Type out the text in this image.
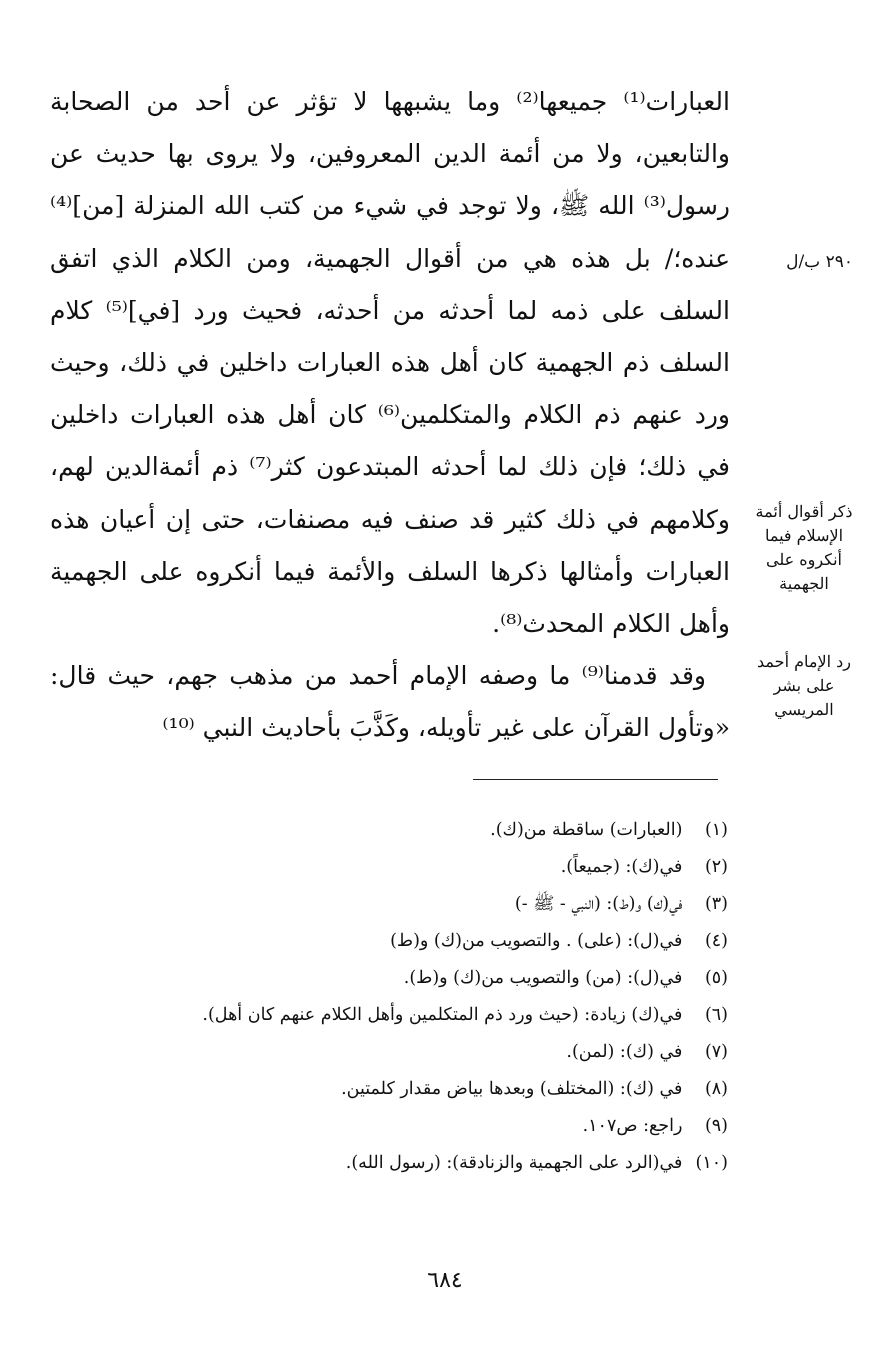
العبارات⁽¹⁾ جميعها⁽²⁾ وما يشبهها لا تؤثر عن أحد من الصحابة والتابعين، ولا من أئمة الدين المعروفين، ولا يروى بها حديث عن رسول⁽³⁾ الله ﷺ، ولا توجد في شيء من كتب الله المنزلة [من]⁽⁴⁾ عنده؛/ بل هذه هي من أقوال الجهمية، ومن الكلام الذي اتفق السلف على ذمه لما أحدثه من أحدثه، فحيث ورد [في]⁽⁵⁾ كلام السلف ذم الجهمية كان أهل هذه العبارات داخلين في ذلك، وحيث ورد عنهم ذم الكلام والمتكلمين⁽⁶⁾ كان أهل هذه العبارات داخلين في ذلك؛ فإن ذلك لما أحدثه المبتدعون كثر⁽⁷⁾ ذم أئمةالدين لهم، وكلامهم في ذلك كثير قد صنف فيه مصنفات، حتى إن أعيان هذه العبارات وأمثالها ذكرها السلف والأئمة فيما أنكروه على الجهمية وأهل الكلام المحدث⁽⁸⁾.

وقد قدمنا⁽⁹⁾ ما وصفه الإمام أحمد من مذهب جهم، حيث قال: «وتأول القرآن على غير تأويله، وكَذَّبَ بأحاديث النبي ⁽¹⁰⁾

٢٩٠ ب/ل
ذكر أقوال أئمة الإسلام فيما أنكروه على الجهمية
رد الإمام أحمد على بشر المريسي
(١) (العبارات) ساقطة من(ك).
(٢) في(ك): (جميعاً).
(٣) في(ك) و(ط): (النبي - ﷺ -)
(٤) في(ل): (على) . والتصويب من(ك) و(ط)
(٥) في(ل): (من) والتصويب من(ك) و(ط).
(٦) في(ك) زيادة: (حيث ورد ذم المتكلمين وأهل الكلام عنهم كان أهل).
(٧) في (ك): (لمن).
(٨) في (ك): (المختلف) وبعدها بياض مقدار كلمتين.
(٩) راجع: ص١٠٧.
(١٠) في(الرد على الجهمية والزنادقة): (رسول الله).
٦٨٤
